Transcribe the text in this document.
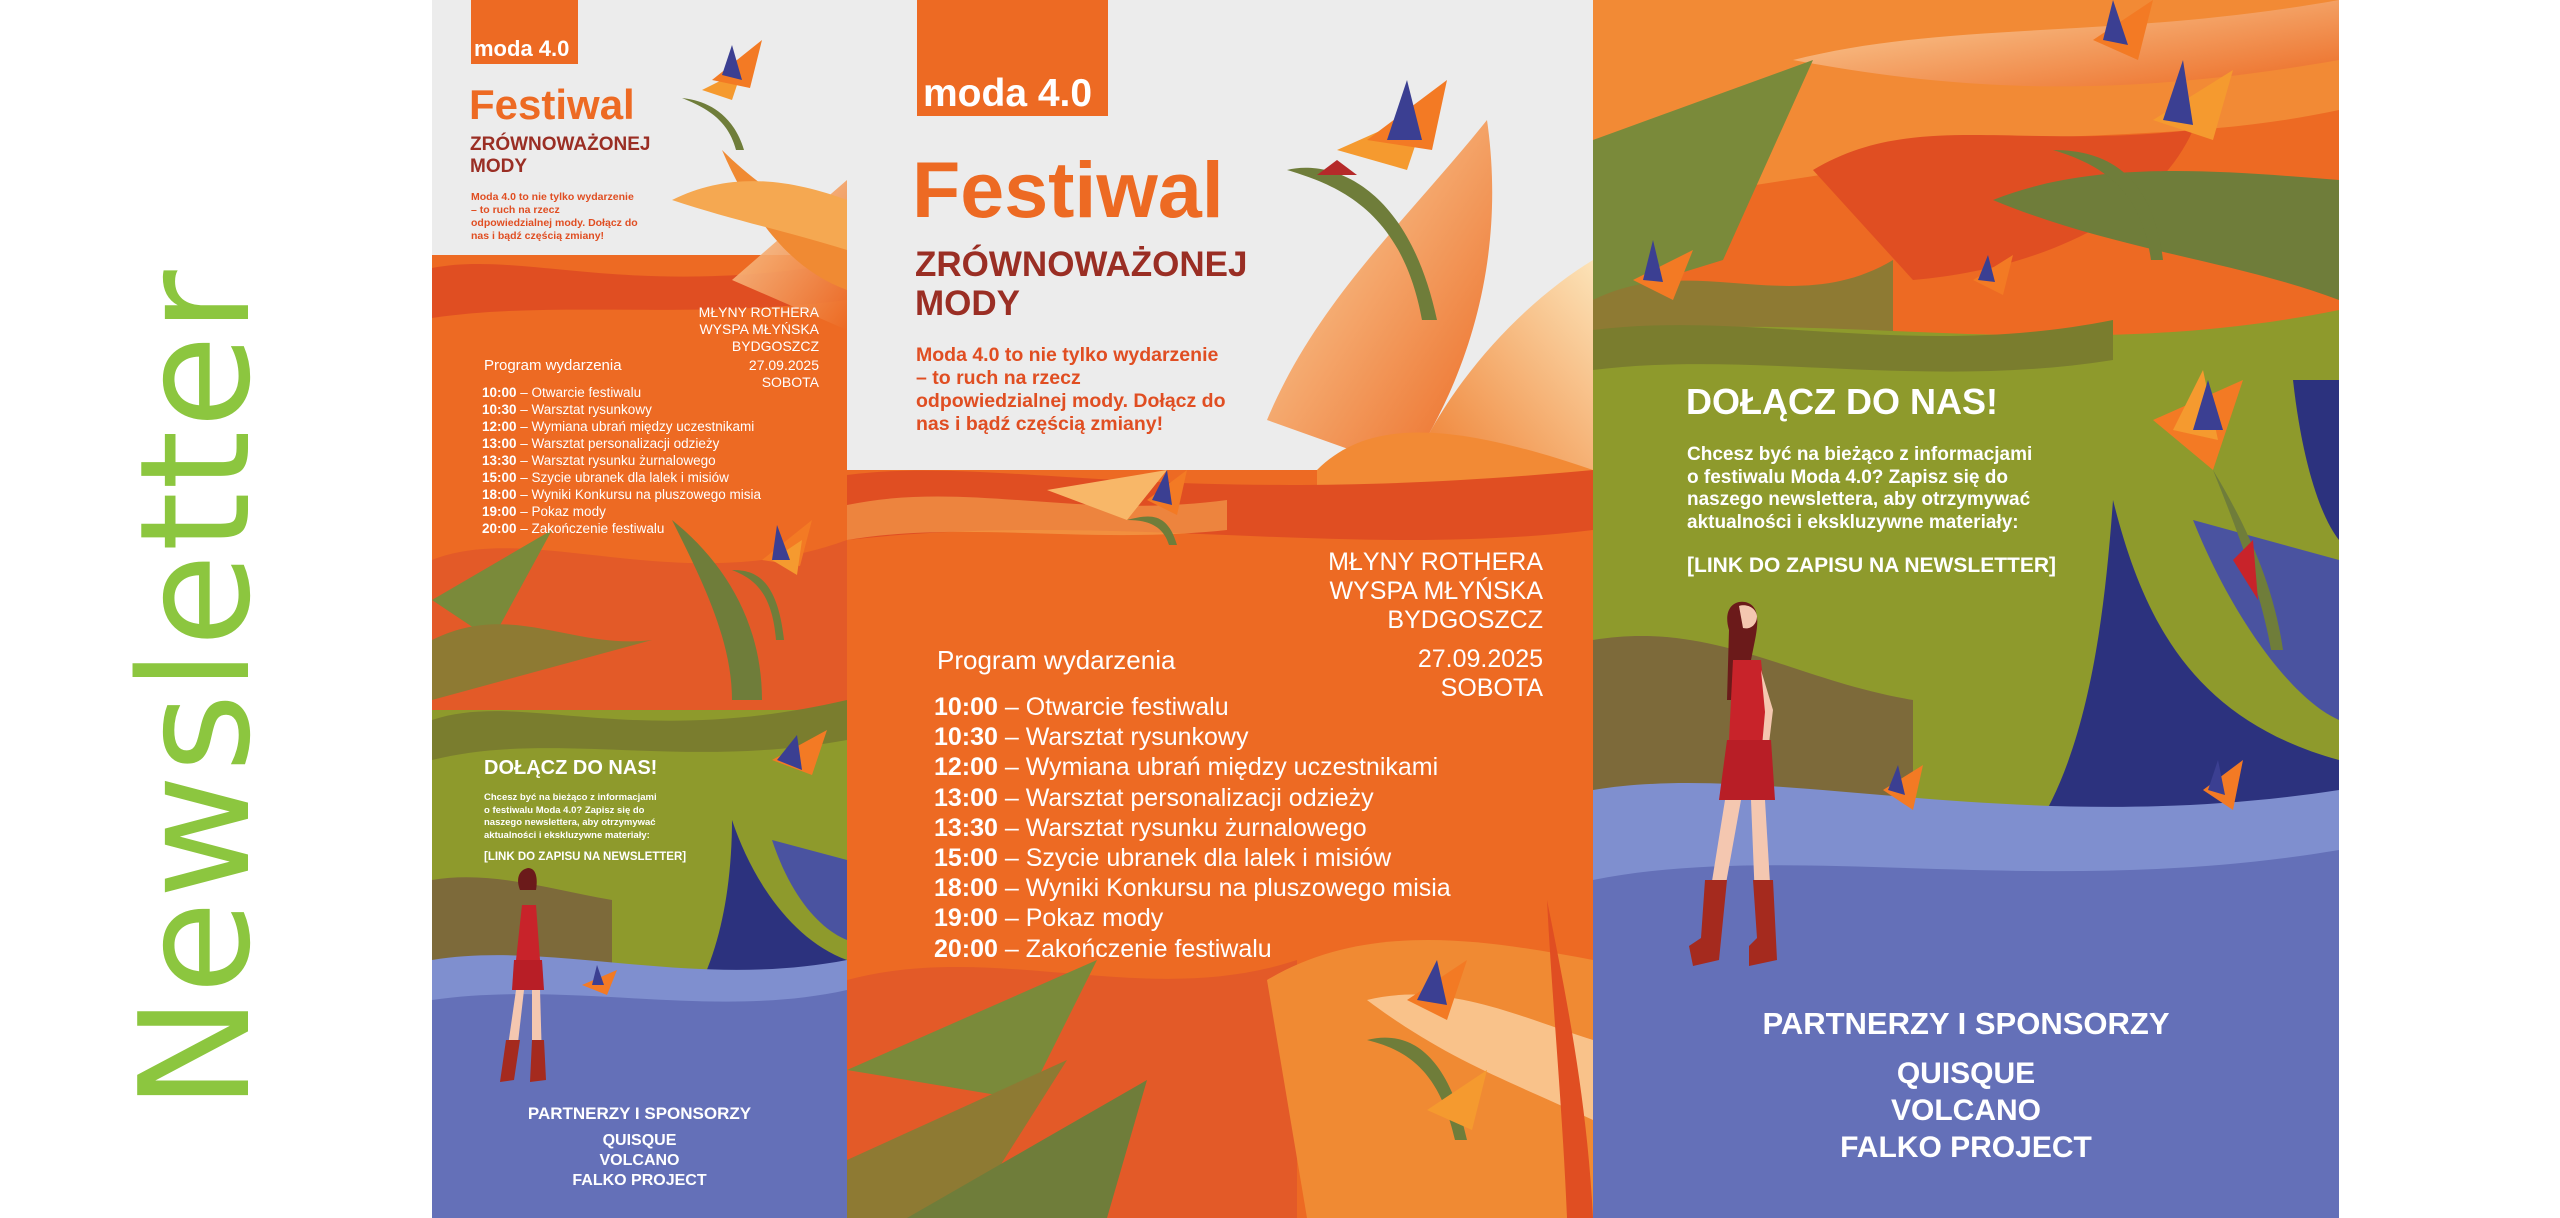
Newsletter
moda 4.0
Festiwal
ZRÓWNOWAŻONEJ
MODY
Moda 4.0 to nie tylko wydarzenie
– to ruch na rzecz
odpowiedzialnej mody. Dołącz do
nas i bądź częścią zmiany!
MŁYNY ROTHERA
WYSPA MŁYŃSKA
BYDGOSZCZ
Program wydarzenia	27.09.2025
SOBOTA
10:00 – Otwarcie festiwalu
10:30 – Warsztat rysunkowy
12:00 – Wymiana ubrań między uczestnikami
13:00 – Warsztat personalizacji odzieży
13:30 – Warsztat rysunku żurnalowego
15:00 – Szycie ubranek dla lalek i misiów
18:00 – Wyniki Konkursu na pluszowego misia
19:00 – Pokaz mody
20:00 – Zakończenie festiwalu
DOŁĄCZ DO NAS!
Chcesz być na bieżąco z informacjami
o festiwalu Moda 4.0? Zapisz się do
naszego newslettera, aby otrzymywać
aktualności i ekskluzywne materiały:
[LINK DO ZAPISU NA NEWSLETTER]
PARTNERZY I SPONSORZY
QUISQUE
VOLCANO
FALKO PROJECT
moda 4.0
Festiwal
ZRÓWNOWAŻONEJ
MODY
Moda 4.0 to nie tylko wydarzenie
– to ruch na rzecz
odpowiedzialnej mody. Dołącz do
nas i bądź częścią zmiany!
MŁYNY ROTHERA
WYSPA MŁYŃSKA
BYDGOSZCZ
Program wydarzenia	27.09.2025
SOBOTA
10:00 – Otwarcie festiwalu
10:30 – Warsztat rysunkowy
12:00 – Wymiana ubrań między uczestnikami
13:00 – Warsztat personalizacji odzieży
13:30 – Warsztat rysunku żurnalowego
15:00 – Szycie ubranek dla lalek i misiów
18:00 – Wyniki Konkursu na pluszowego misia
19:00 – Pokaz mody
20:00 – Zakończenie festiwalu
DOŁĄCZ DO NAS!
Chcesz być na bieżąco z informacjami
o festiwalu Moda 4.0? Zapisz się do
naszego newslettera, aby otrzymywać
aktualności i ekskluzywne materiały:
[LINK DO ZAPISU NA NEWSLETTER]
PARTNERZY I SPONSORZY
QUISQUE
VOLCANO
FALKO PROJECT
